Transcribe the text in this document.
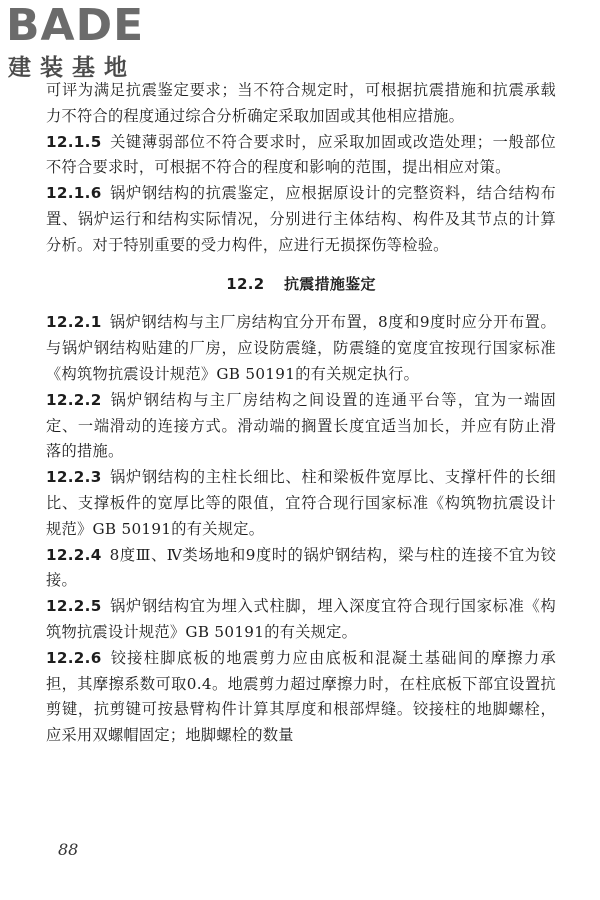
BADE
建装基地

可评为满足抗震鉴定要求；当不符合规定时，可根据抗震措施和抗震承载力不符合的程度通过综合分析确定采取加固或其他相应措施。

12.1.5 关键薄弱部位不符合要求时，应采取加固或改造处理；一般部位不符合要求时，可根据不符合的程度和影响的范围，提出相应对策。

12.1.6 锅炉钢结构的抗震鉴定，应根据原设计的完整资料，结合结构布置、锅炉运行和结构实际情况，分别进行主体结构、构件及其节点的计算分析。对于特别重要的受力构件，应进行无损探伤等检验。

12.2 抗震措施鉴定

12.2.1 锅炉钢结构与主厂房结构宜分开布置，8度和9度时应分开布置。与锅炉钢结构贴建的厂房，应设防震缝，防震缝的宽度宜按现行国家标准《构筑物抗震设计规范》GB 50191的有关规定执行。

12.2.2 锅炉钢结构与主厂房结构之间设置的连通平台等，宜为一端固定、一端滑动的连接方式。滑动端的搁置长度宜适当加长，并应有防止滑落的措施。

12.2.3 锅炉钢结构的主柱长细比、柱和梁板件宽厚比、支撑杆件的长细比、支撑板件的宽厚比等的限值，宜符合现行国家标准《构筑物抗震设计规范》GB 50191的有关规定。

12.2.4 8度Ⅲ、Ⅳ类场地和9度时的锅炉钢结构，梁与柱的连接不宜为铰接。

12.2.5 锅炉钢结构宜为埋入式柱脚，埋入深度宜符合现行国家标准《构筑物抗震设计规范》GB 50191的有关规定。

12.2.6 铰接柱脚底板的地震剪力应由底板和混凝土基础间的摩擦力承担，其摩擦系数可取0.4。地震剪力超过摩擦力时，在柱底板下部宜设置抗剪键，抗剪键可按悬臂构件计算其厚度和根部焊缝。铰接柱的地脚螺栓，应采用双螺帽固定；地脚螺栓的数量

88
